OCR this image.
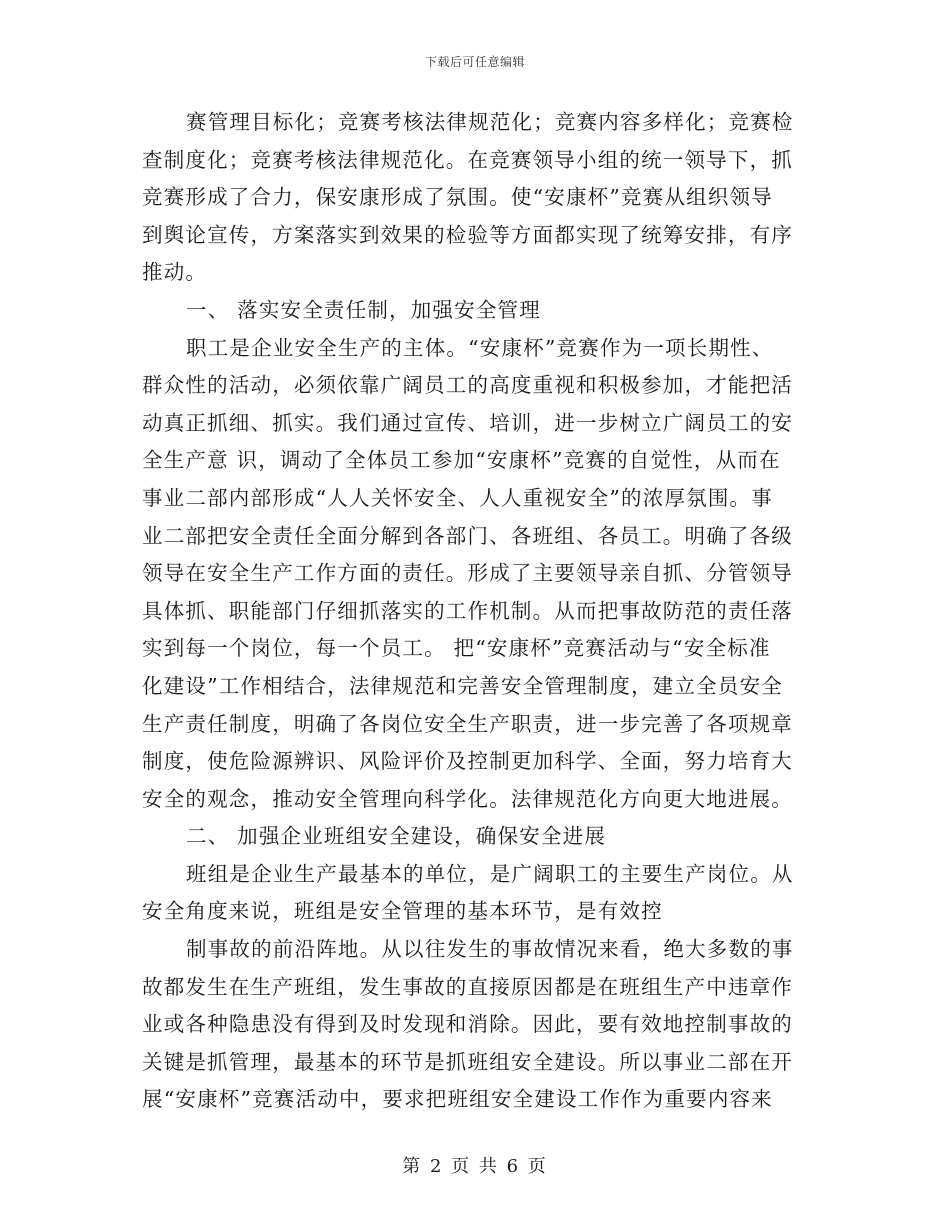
下载后可任意编辑
赛管理目标化；竞赛考核法律规范化；竞赛内容多样化；竞赛检
查制度化；竞赛考核法律规范化。在竞赛领导小组的统一领导下，抓
竞赛形成了合力，保安康形成了氛围。使“安康杯”竞赛从组织领导
到舆论宣传，方案落实到效果的检验等方面都实现了统筹安排，有序
推动。
一、 落实安全责任制，加强安全管理
职工是企业安全生产的主体。“安康杯”竞赛作为一项长期性、
群众性的活动，必须依靠广阔员工的高度重视和积极参加，才能把活
动真正抓细、抓实。我们通过宣传、培训，进一步树立广阔员工的安
全生产意 识，调动了全体员工参加“安康杯”竞赛的自觉性，从而在
事业二部内部形成“人人关怀安全、人人重视安全”的浓厚氛围。事
业二部把安全责任全面分解到各部门、各班组、各员工。明确了各级
领导在安全生产工作方面的责任。形成了主要领导亲自抓、分管领导
具体抓、职能部门仔细抓落实的工作机制。从而把事故防范的责任落
实到每一个岗位，每一个员工。 把“安康杯”竞赛活动与“安全标准
化建设”工作相结合，法律规范和完善安全管理制度，建立全员安全
生产责任制度，明确了各岗位安全生产职责，进一步完善了各项规章
制度，使危险源辨识、风险评价及控制更加科学、全面，努力培育大
安全的观念，推动安全管理向科学化。法律规范化方向更大地进展。
二、 加强企业班组安全建设，确保安全进展
班组是企业生产最基本的单位，是广阔职工的主要生产岗位。从
安全角度来说，班组是安全管理的基本环节，是有效控
制事故的前沿阵地。从以往发生的事故情况来看，绝大多数的事
故都发生在生产班组，发生事故的直接原因都是在班组生产中违章作
业或各种隐患没有得到及时发现和消除。因此，要有效地控制事故的
关键是抓管理，最基本的环节是抓班组安全建设。所以事业二部在开
展“安康杯”竞赛活动中，要求把班组安全建设工作作为重要内容来
第 2 页 共 6 页
